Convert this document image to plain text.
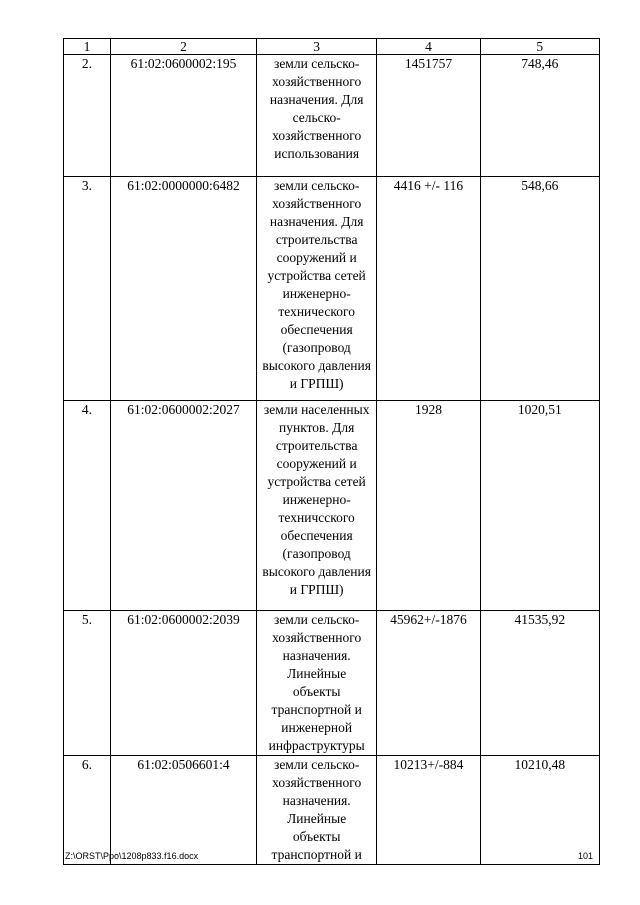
1	2	3	4	5
2.	61:02:0600002:195	земли сельско-хозяйственного назначения. Для сельско-хозяйственного использования	1451757	748,46
3.	61:02:0000000:6482	земли сельско-хозяйственного назначения. Для строительства сооружений и устройства сетей инженерно-технического обеспечения (газопровод высокого давления и ГРПШ)	4416 +/- 116	548,66
4.	61:02:0600002:2027	земли населенных пунктов. Для строительства сооружений и устройства сетей инженерно-техничсского обеспечения (газопровод высокого давления и ГРПШ)	1928	1020,51
5.	61:02:0600002:2039	земли сельско-хозяйственного назначения. Линейные объекты транспортной и инженерной инфраструктуры	45962+/-1876	41535,92
6.	61:02:0506601:4	земли сельско-хозяйственного назначения. Линейные объекты транспортной и	10213+/-884	10210,48
Z:\ORST\Ppo\1208p833.f16.docx	101
